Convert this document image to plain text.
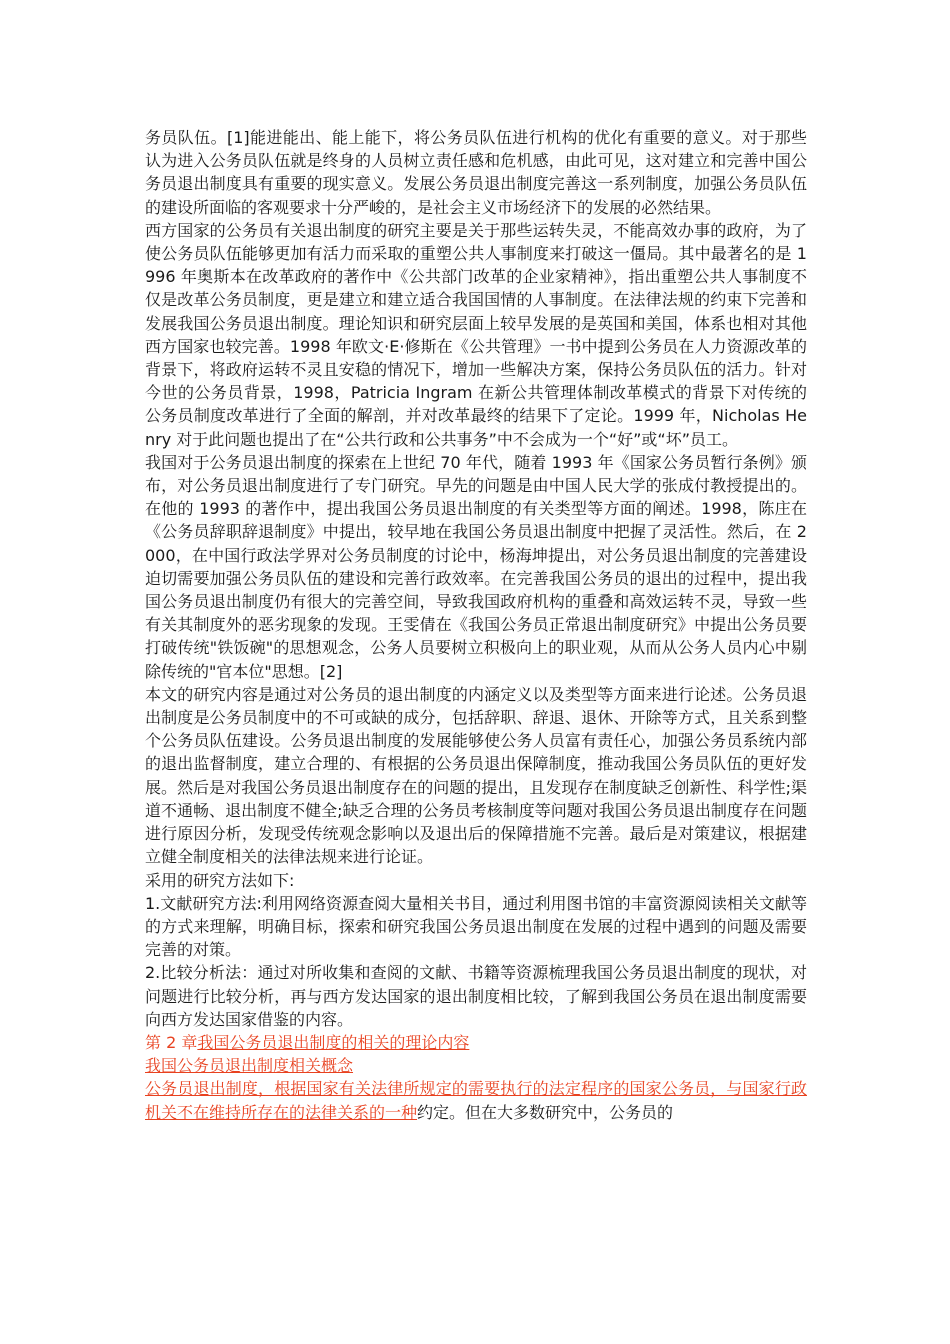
务员队伍。[1]能进能出、能上能下，将公务员队伍进行机构的优化有重要的意义。对于那些认为进入公务员队伍就是终身的人员树立责任感和危机感，由此可见，这对建立和完善中国公务员退出制度具有重要的现实意义。发展公务员退出制度完善这一系列制度，加强公务员队伍的建设所面临的客观要求十分严峻的，是社会主义市场经济下的发展的必然结果。

西方国家的公务员有关退出制度的研究主要是关于那些运转失灵，不能高效办事的政府，为了使公务员队伍能够更加有活力而采取的重塑公共人事制度来打破这一僵局。其中最著名的是 1996 年奥斯本在改革政府的著作中《公共部门改革的企业家精神》，指出重塑公共人事制度不仅是改革公务员制度，更是建立和建立适合我国国情的人事制度。在法律法规的约束下完善和发展我国公务员退出制度。理论知识和研究层面上较早发展的是英国和美国，体系也相对其他西方国家也较完善。1998 年欧文·E·修斯在《公共管理》一书中提到公务员在人力资源改革的背景下，将政府运转不灵且安稳的情况下，增加一些解决方案，保持公务员队伍的活力。针对今世的公务员背景，1998，Patricia Ingram 在新公共管理体制改革模式的背景下对传统的公务员制度改革进行了全面的解剖，并对改革最终的结果下了定论。1999 年，Nicholas Henry 对于此问题也提出了在“公共行政和公共事务”中不会成为一个“好”或“坏”员工。

我国对于公务员退出制度的探索在上世纪 70 年代，随着 1993 年《国家公务员暂行条例》颁布，对公务员退出制度进行了专门研究。早先的问题是由中国人民大学的张成付教授提出的。在他的 1993 的著作中，提出我国公务员退出制度的有关类型等方面的阐述。1998，陈庄在《公务员辞职辞退制度》中提出，较早地在我国公务员退出制度中把握了灵活性。然后，在 2000，在中国行政法学界对公务员制度的讨论中，杨海坤提出，对公务员退出制度的完善建设迫切需要加强公务员队伍的建设和完善行政效率。在完善我国公务员的退出的过程中，提出我国公务员退出制度仍有很大的完善空间，导致我国政府机构的重叠和高效运转不灵，导致一些有关其制度外的恶劣现象的发现。王雯倩在《我国公务员正常退出制度研究》中提出公务员要打破传统"铁饭碗"的思想观念，公务人员要树立积极向上的职业观，从而从公务人员内心中剔除传统的"官本位"思想。[2]

本文的研究内容是通过对公务员的退出制度的内涵定义以及类型等方面来进行论述。公务员退出制度是公务员制度中的不可或缺的成分，包括辞职、辞退、退休、开除等方式，且关系到整个公务员队伍建设。公务员退出制度的发展能够使公务人员富有责任心，加强公务员系统内部的退出监督制度，建立合理的、有根据的公务员退出保障制度，推动我国公务员队伍的更好发展。然后是对我国公务员退出制度存在的问题的提出，且发现存在制度缺乏创新性、科学性;渠道不通畅、退出制度不健全;缺乏合理的公务员考核制度等问题对我国公务员退出制度存在问题进行原因分析，发现受传统观念影响以及退出后的保障措施不完善。最后是对策建议，根据建立健全制度相关的法律法规来进行论证。

采用的研究方法如下:

1.文献研究方法:利用网络资源查阅大量相关书目，通过利用图书馆的丰富资源阅读相关文献等的方式来理解，明确目标，探索和研究我国公务员退出制度在发展的过程中遇到的问题及需要完善的对策。

2.比较分析法：通过对所收集和查阅的文献、书籍等资源梳理我国公务员退出制度的现状，对问题进行比较分析，再与西方发达国家的退出制度相比较，了解到我国公务员在退出制度需要向西方发达国家借鉴的内容。

第 2 章我国公务员退出制度的相关的理论内容
我国公务员退出制度相关概念

公务员退出制度，根据国家有关法律所规定的需要执行的法定程序的国家公务员，与国家行政机关不在维持所存在的法律关系的一种约定。但在大多数研究中，公务员的
